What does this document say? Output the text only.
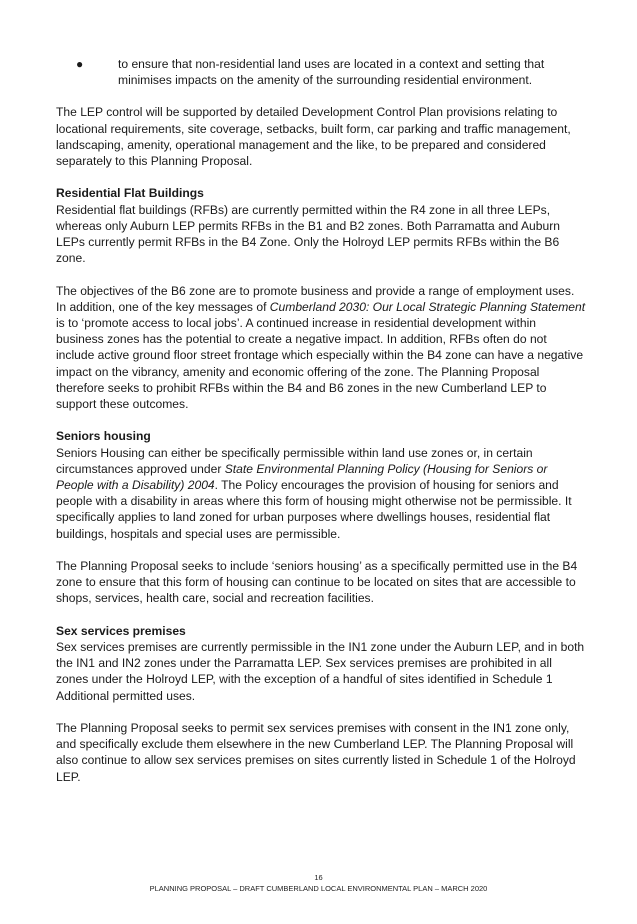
●	to ensure that non-residential land uses are located in a context and setting that minimises impacts on the amenity of the surrounding residential environment.

The LEP control will be supported by detailed Development Control Plan provisions relating to locational requirements, site coverage, setbacks, built form, car parking and traffic management, landscaping, amenity, operational management and the like, to be prepared and considered separately to this Planning Proposal.

Residential Flat Buildings

Residential flat buildings (RFBs) are currently permitted within the R4 zone in all three LEPs, whereas only Auburn LEP permits RFBs in the B1 and B2 zones. Both Parramatta and Auburn LEPs currently permit RFBs in the B4 Zone. Only the Holroyd LEP permits RFBs within the B6 zone.

The objectives of the B6 zone are to promote business and provide a range of employment uses. In addition, one of the key messages of Cumberland 2030: Our Local Strategic Planning Statement is to ‘promote access to local jobs’. A continued increase in residential development within business zones has the potential to create a negative impact. In addition, RFBs often do not include active ground floor street frontage which especially within the B4 zone can have a negative impact on the vibrancy, amenity and economic offering of the zone. The Planning Proposal therefore seeks to prohibit RFBs within the B4 and B6 zones in the new Cumberland LEP to support these outcomes.

Seniors housing

Seniors Housing can either be specifically permissible within land use zones or, in certain circumstances approved under State Environmental Planning Policy (Housing for Seniors or People with a Disability) 2004. The Policy encourages the provision of housing for seniors and people with a disability in areas where this form of housing might otherwise not be permissible. It specifically applies to land zoned for urban purposes where dwellings houses, residential flat buildings, hospitals and special uses are permissible.

The Planning Proposal seeks to include ‘seniors housing’ as a specifically permitted use in the B4 zone to ensure that this form of housing can continue to be located on sites that are accessible to shops, services, health care, social and recreation facilities.

Sex services premises

Sex services premises are currently permissible in the IN1 zone under the Auburn LEP, and in both the IN1 and IN2 zones under the Parramatta LEP. Sex services premises are prohibited in all zones under the Holroyd LEP, with the exception of a handful of sites identified in Schedule 1 Additional permitted uses.

The Planning Proposal seeks to permit sex services premises with consent in the IN1 zone only, and specifically exclude them elsewhere in the new Cumberland LEP. The Planning Proposal will also continue to allow sex services premises on sites currently listed in Schedule 1 of the Holroyd LEP.

16
PLANNING PROPOSAL – DRAFT CUMBERLAND LOCAL ENVIRONMENTAL PLAN – MARCH 2020
